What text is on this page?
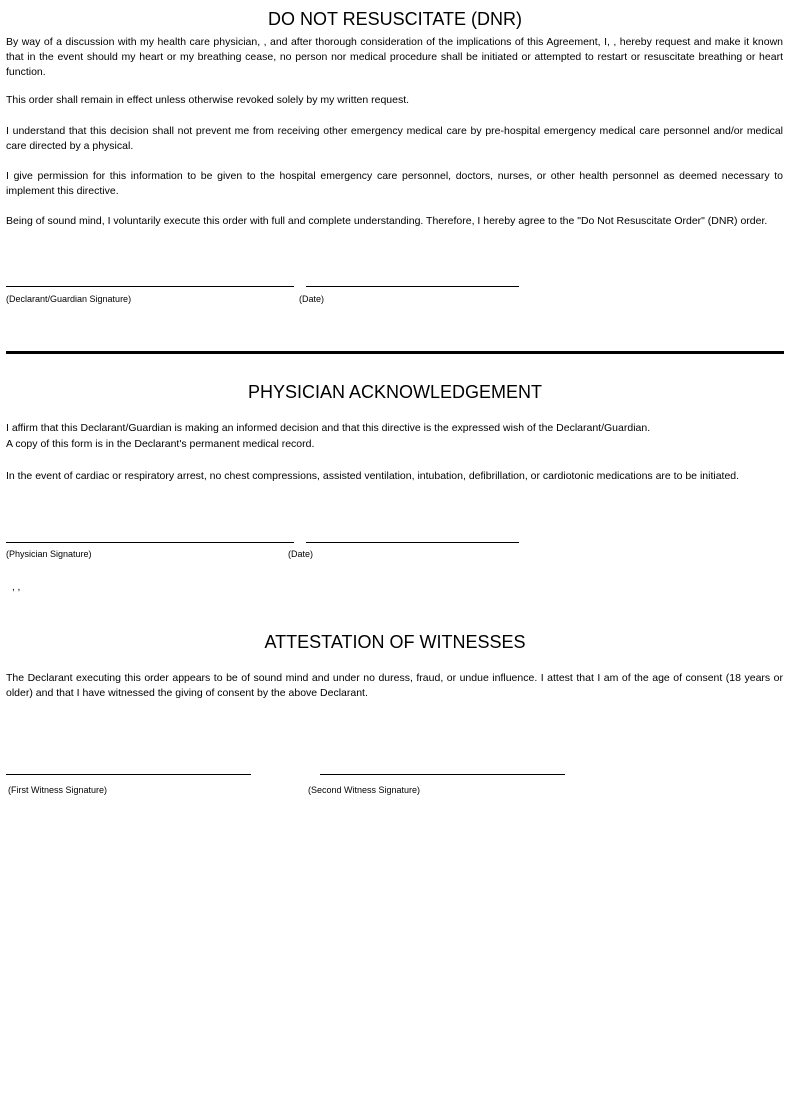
DO NOT RESUSCITATE (DNR)

By way of a discussion with my health care physician, , and after thorough consideration of the implications of this Agreement, I, , hereby request and make it known that in the event should my heart or my breathing cease, no person nor medical procedure shall be initiated or attempted to restart or resuscitate breathing or heart function.

This order shall remain in effect unless otherwise revoked solely by my written request.

I understand that this decision shall not prevent me from receiving other emergency medical care by pre-hospital emergency medical care personnel and/or medical care directed by a physical.

I give permission for this information to be given to the hospital emergency care personnel, doctors, nurses, or other health personnel as deemed necessary to implement this directive.

Being of sound mind, I voluntarily execute this order with full and complete understanding. Therefore, I hereby agree to the "Do Not Resuscitate Order" (DNR) order.

(Declarant/Guardian Signature)	(Date)
PHYSICIAN ACKNOWLEDGEMENT

I affirm that this Declarant/Guardian is making an informed decision and that this directive is the expressed wish of the Declarant/Guardian.

A copy of this form is in the Declarant's permanent medical record.

In the event of cardiac or respiratory arrest, no chest compressions, assisted ventilation, intubation, defibrillation, or cardiotonic medications are to be initiated.

(Physician Signature)	(Date)
, ,
ATTESTATION OF WITNESSES

The Declarant executing this order appears to be of sound mind and under no duress, fraud, or undue influence. I attest that I am of the age of consent (18 years or older) and that I have witnessed the giving of consent by the above Declarant.

(First Witness Signature)	(Second Witness Signature)
